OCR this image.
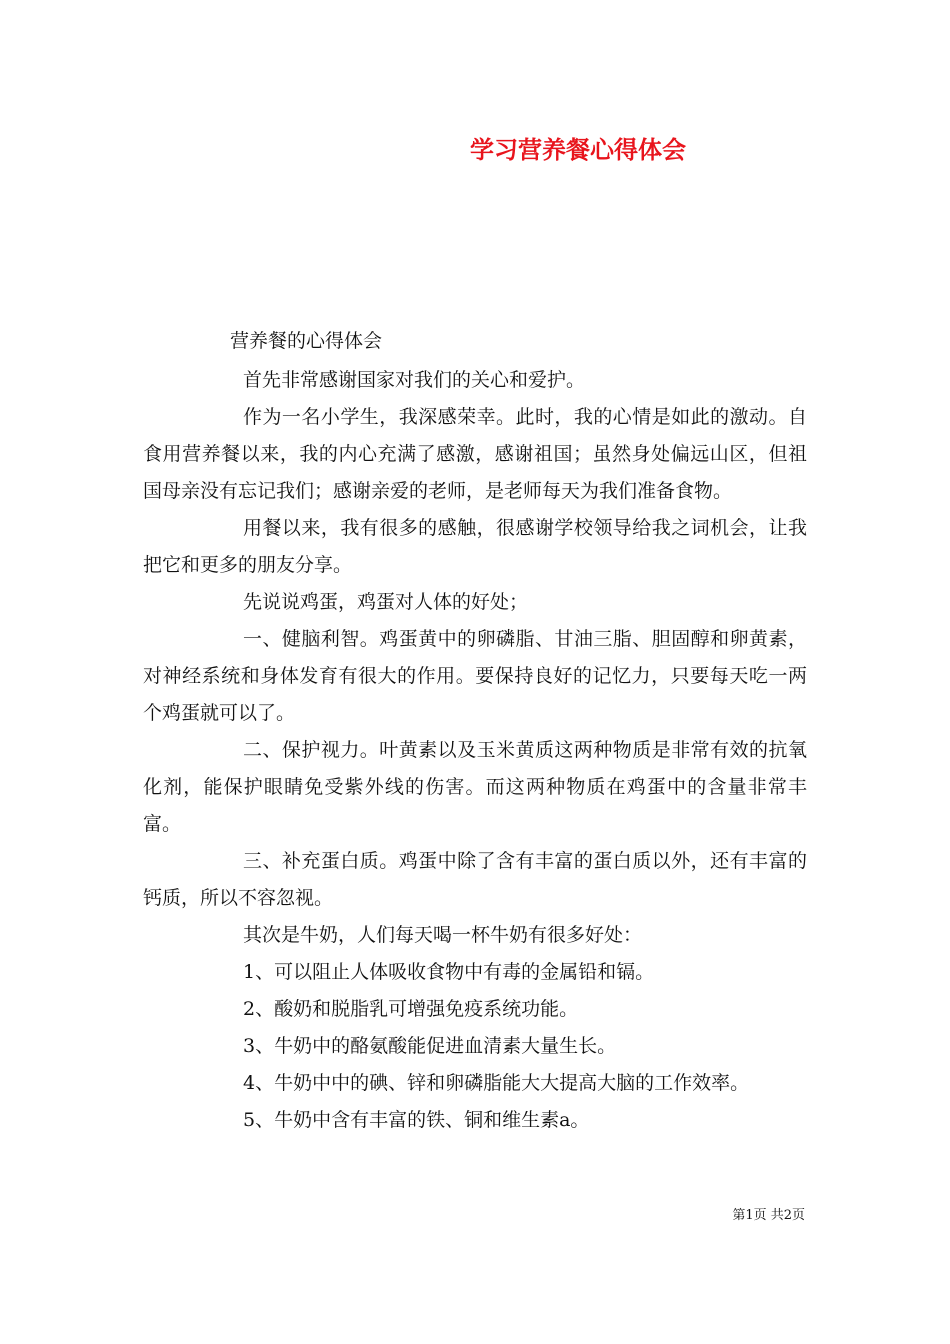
学习营养餐心得体会
营养餐的心得体会

首先非常感谢国家对我们的关心和爱护。

作为一名小学生，我深感荣幸。此时，我的心情是如此的激动。自食用营养餐以来，我的内心充满了感激，感谢祖国；虽然身处偏远山区，但祖国母亲没有忘记我们；感谢亲爱的老师，是老师每天为我们准备食物。

用餐以来，我有很多的感触，很感谢学校领导给我之词机会，让我把它和更多的朋友分享。

先说说鸡蛋，鸡蛋对人体的好处；

一、健脑利智。鸡蛋黄中的卵磷脂、甘油三脂、胆固醇和卵黄素，对神经系统和身体发育有很大的作用。要保持良好的记忆力，只要每天吃一两个鸡蛋就可以了。

二、保护视力。叶黄素以及玉米黄质这两种物质是非常有效的抗氧化剂，能保护眼睛免受紫外线的伤害。而这两种物质在鸡蛋中的含量非常丰富。

三、补充蛋白质。鸡蛋中除了含有丰富的蛋白质以外，还有丰富的钙质，所以不容忽视。

其次是牛奶，人们每天喝一杯牛奶有很多好处：

1、可以阻止人体吸收食物中有毒的金属铅和镉。

2、酸奶和脱脂乳可增强免疫系统功能。

3、牛奶中的酪氨酸能促进血清素大量生长。

4、牛奶中中的碘、锌和卵磷脂能大大提高大脑的工作效率。

5、牛奶中含有丰富的铁、铜和维生素a。

第1页 共2页
